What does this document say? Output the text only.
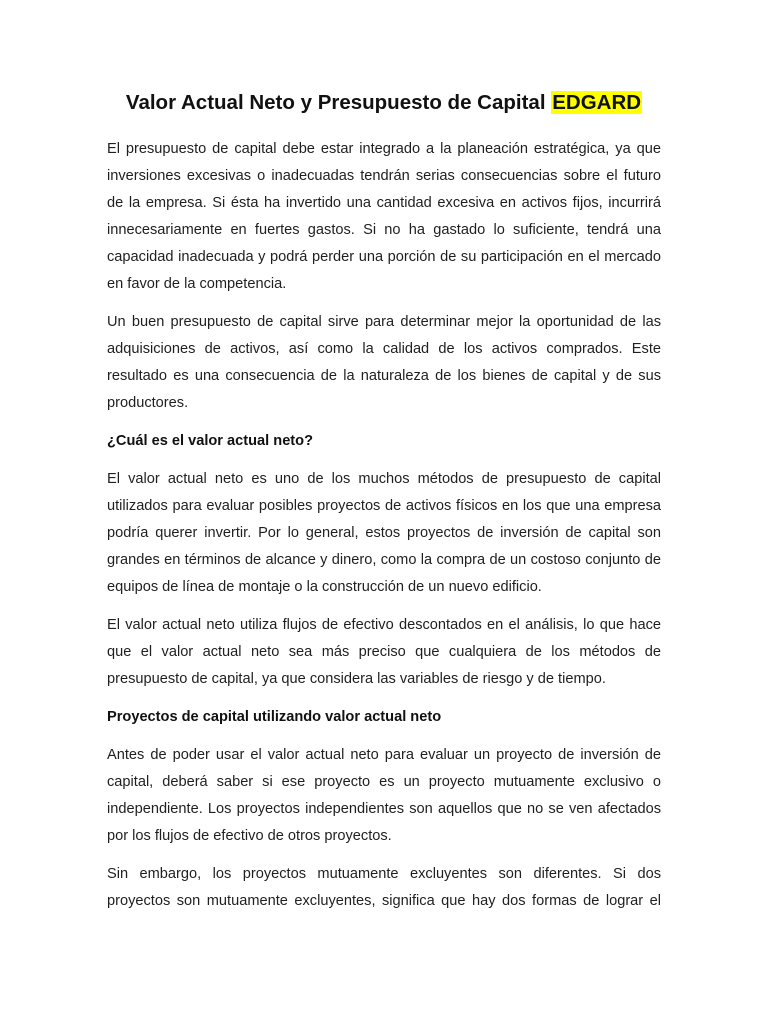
Valor Actual Neto y Presupuesto de Capital EDGARD

El presupuesto de capital debe estar integrado a la planeación estratégica, ya que inversiones excesivas o inadecuadas tendrán serias consecuencias sobre el futuro de la empresa. Si ésta ha invertido una cantidad excesiva en activos fijos, incurrirá innecesariamente en fuertes gastos. Si no ha gastado lo suficiente, tendrá una capacidad inadecuada y podrá perder una porción de su participación en el mercado en favor de la competencia.

Un buen presupuesto de capital sirve para determinar mejor la oportunidad de las adquisiciones de activos, así como la calidad de los activos comprados. Este resultado es una consecuencia de la naturaleza de los bienes de capital y de sus productores.

¿Cuál es el valor actual neto?

El valor actual neto es uno de los muchos métodos de presupuesto de capital utilizados para evaluar posibles proyectos de activos físicos en los que una empresa podría querer invertir. Por lo general, estos proyectos de inversión de capital son grandes en términos de alcance y dinero, como la compra de un costoso conjunto de equipos de línea de montaje o la construcción de un nuevo edificio.

El valor actual neto utiliza flujos de efectivo descontados en el análisis, lo que hace que el valor actual neto sea más preciso que cualquiera de los métodos de presupuesto de capital, ya que considera las variables de riesgo y de tiempo.

Proyectos de capital utilizando valor actual neto

Antes de poder usar el valor actual neto para evaluar un proyecto de inversión de capital, deberá saber si ese proyecto es un proyecto mutuamente exclusivo o independiente. Los proyectos independientes son aquellos que no se ven afectados por los flujos de efectivo de otros proyectos.

Sin embargo, los proyectos mutuamente excluyentes son diferentes. Si dos proyectos son mutuamente excluyentes, significa que hay dos formas de lograr el
